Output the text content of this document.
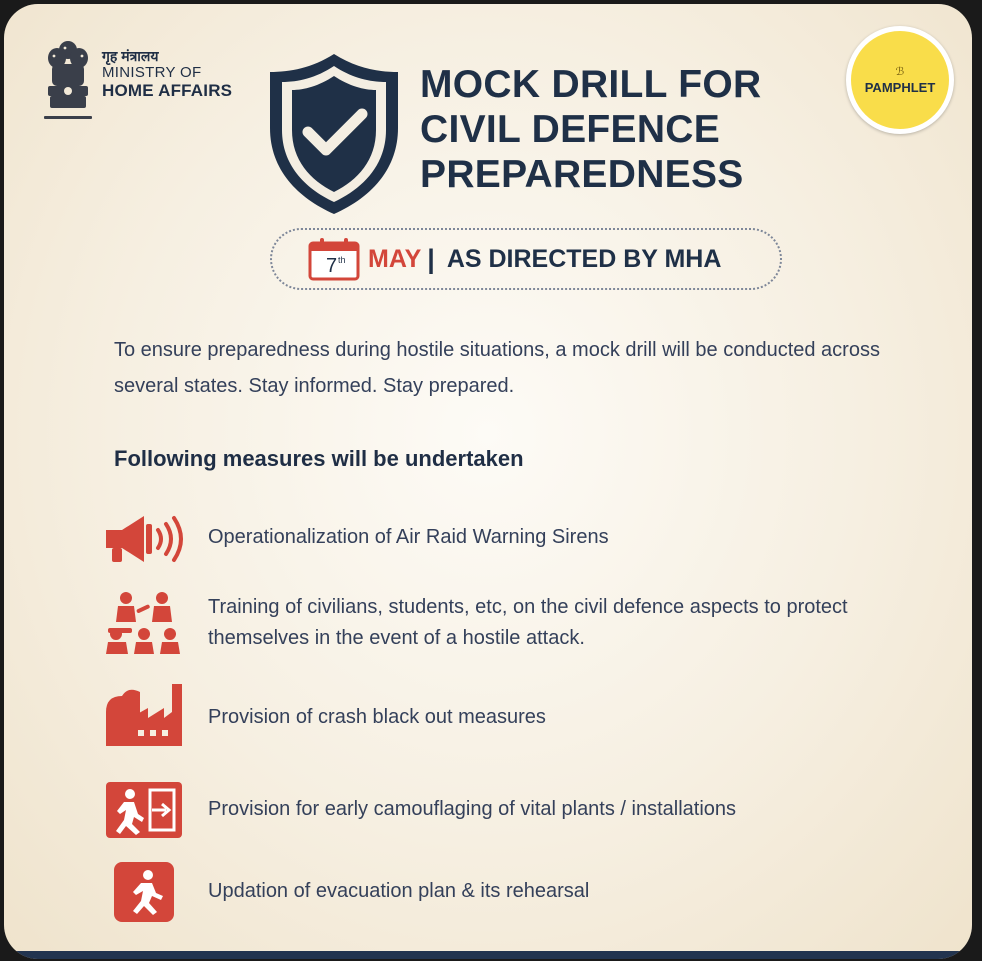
गृह मंत्रालय
MINISTRY OF
HOME AFFAIRS	MOCK DRILL FOR
CIVIL DEFENCE
PREPAREDNESS
ℬ
PAMPHLET
7 th MAY | AS DIRECTED BY MHA

To ensure preparedness during hostile situations, a mock drill will be conducted across several states. Stay informed. Stay prepared.

Following measures will be undertaken
Operationalization of Air Raid Warning Sirens
Training of civilians, students, etc, on the civil defence aspects to protect themselves in the event of a hostile attack.
Provision of crash black out measures
Provision for early camouflaging of vital plants / installations
Updation of evacuation plan & its rehearsal
